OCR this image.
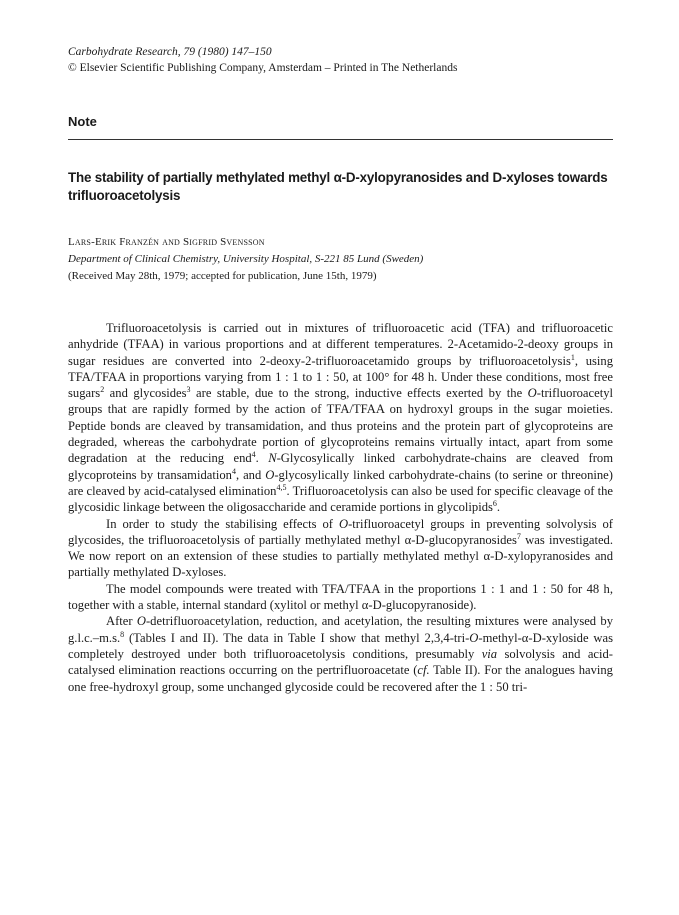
Carbohydrate Research, 79 (1980) 147–150
© Elsevier Scientific Publishing Company, Amsterdam – Printed in The Netherlands
Note
The stability of partially methylated methyl α-D-xylopyranosides and D-xyloses towards trifluoroacetolysis
Lars-Erik Franzén and Sigfrid Svensson
Department of Clinical Chemistry, University Hospital, S-221 85 Lund (Sweden)
(Received May 28th, 1979; accepted for publication, June 15th, 1979)

Trifluoroacetolysis is carried out in mixtures of trifluoroacetic acid (TFA) and trifluoroacetic anhydride (TFAA) in various proportions and at different temperatures. 2-Acetamido-2-deoxy groups in sugar residues are converted into 2-deoxy-2-trifluoroacetamido groups by trifluoroacetolysis$^1$, using TFA/TFAA in proportions varying from 1 : 1 to 1 : 50, at 100° for 48 h. Under these conditions, most free sugars$^2$ and glycosides$^3$ are stable, due to the strong, inductive effects exerted by the O-trifluoroacetyl groups that are rapidly formed by the action of TFA/TFAA on hydroxyl groups in the sugar moieties. Peptide bonds are cleaved by transamidation, and thus proteins and the protein part of glycoproteins are degraded, whereas the carbohydrate portion of glycoproteins remains virtually intact, apart from some degradation at the reducing end$^4$. N-Glycosylically linked carbohydrate-chains are cleaved from glycoproteins by transamidation$^4$, and O-glycosylically linked carbohydrate-chains (to serine or threonine) are cleaved by acid-catalysed elimination$^{4,5}$. Trifluoroacetolysis can also be used for specific cleavage of the glycosidic linkage between the oligosaccharide and ceramide portions in glycolipids$^6$.

In order to study the stabilising effects of O-trifluoroacetyl groups in preventing solvolysis of glycosides, the trifluoroacetolysis of partially methylated methyl α-D-glucopyranosides$^7$ was investigated. We now report on an extension of these studies to partially methylated methyl α-D-xylopyranosides and partially methylated D-xyloses.

The model compounds were treated with TFA/TFAA in the proportions 1 : 1 and 1 : 50 for 48 h, together with a stable, internal standard (xylitol or methyl α-D-glucopyranoside).

After O-detrifluoroacetylation, reduction, and acetylation, the resulting mixtures were analysed by g.l.c.–m.s.$^8$ (Tables I and II). The data in Table I show that methyl 2,3,4-tri-O-methyl-α-D-xyloside was completely destroyed under both trifluoroacetolysis conditions, presumably via solvolysis and acid-catalysed elimination reactions occurring on the pertrifluoroacetate (cf. Table II). For the analogues having one free-hydroxyl group, some unchanged glycoside could be recovered after the 1 : 50 tri-
